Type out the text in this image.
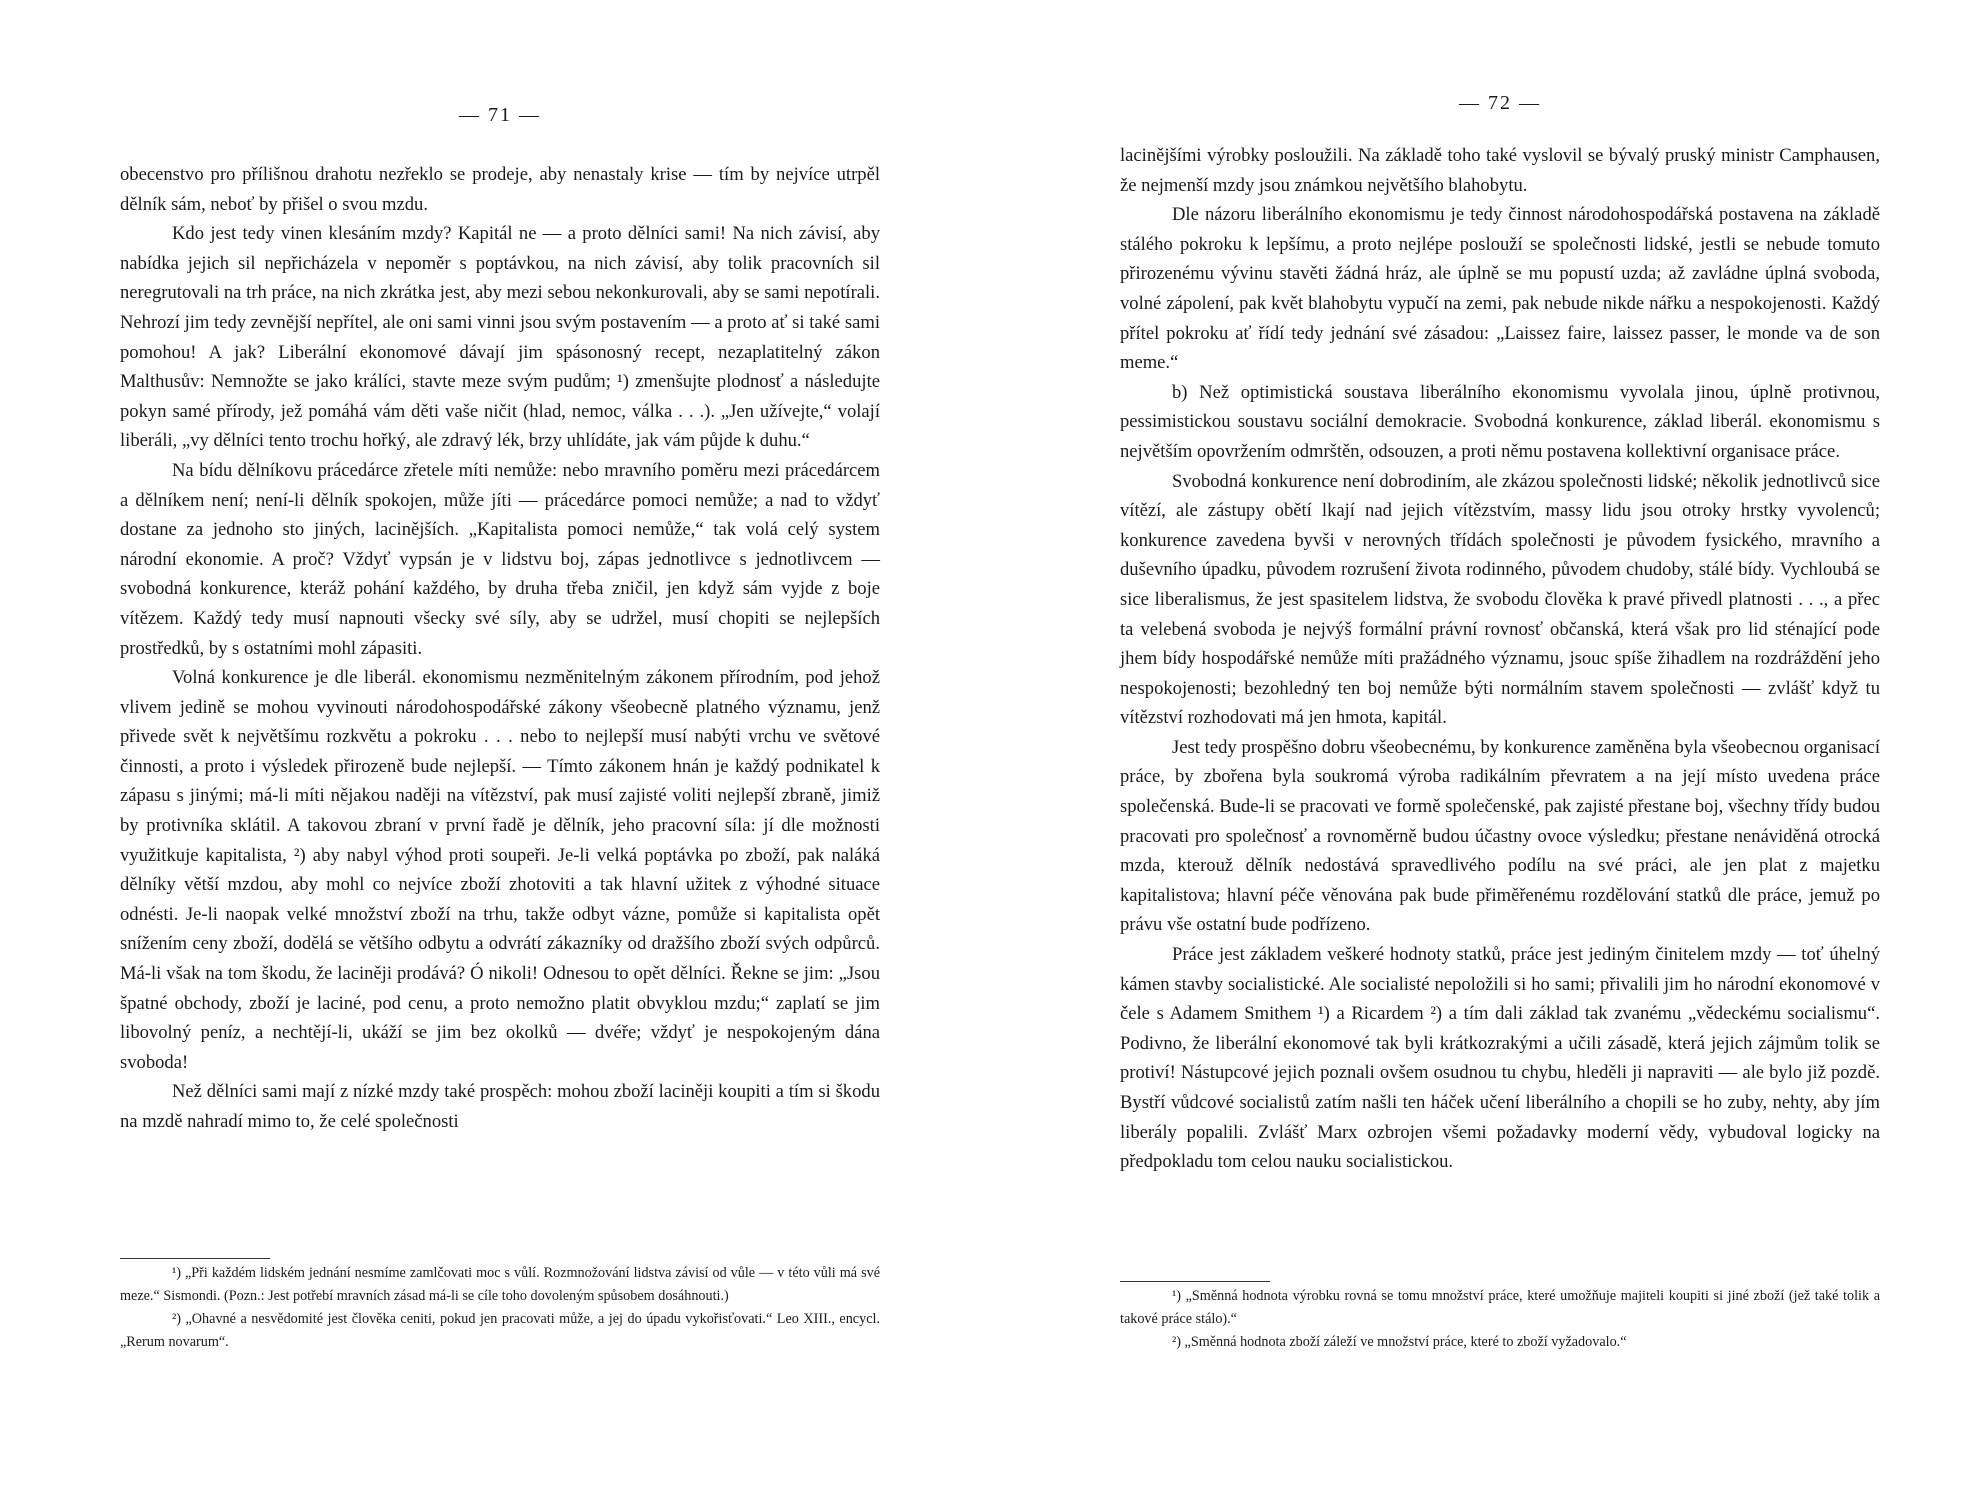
— 71 —

obecenstvo pro přílišnou drahotu nezřeklo se prodeje, aby nenastaly krise — tím by nejvíce utrpěl dělník sám, neboť by přišel o svou mzdu.

Kdo jest tedy vinen klesáním mzdy? Kapitál ne — a proto dělníci sami! Na nich závisí, aby nabídka jejich sil nepřicházela v nepoměr s poptávkou, na nich závisí, aby tolik pracovních sil neregrutovali na trh práce, na nich zkrátka jest, aby mezi sebou nekonkurovali, aby se sami nepotírali. Nehrozí jim tedy zevnější nepřítel, ale oni sami vinni jsou svým postavením — a proto ať si také sami pomohou! A jak? Liberální ekonomové dávají jim spásonosný recept, nezaplatitelný zákon Malthusův: Nemnožte se jako králíci, stavte meze svým pudům; ¹) zmenšujte plodnosť a následujte pokyn samé přírody, jež pomáhá vám děti vaše ničit (hlad, nemoc, válka . . .). „Jen užívejte,“ volají liberáli, „vy dělníci tento trochu hořký, ale zdravý lék, brzy uhlídáte, jak vám půjde k duhu.“

Na bídu dělníkovu prácedárce zřetele míti nemůže: nebo mravního poměru mezi prácedárcem a dělníkem není; není-li dělník spokojen, může jíti — prácedárce pomoci nemůže; a nad to vždyť dostane za jednoho sto jiných, lacinějších. „Kapitalista pomoci nemůže,“ tak volá celý system národní ekonomie. A proč? Vždyť vypsán je v lidstvu boj, zápas jednotlivce s jednotlivcem — svobodná konkurence, kteráž pohání každého, by druha třeba zničil, jen když sám vyjde z boje vítězem. Každý tedy musí napnouti všecky své síly, aby se udržel, musí chopiti se nejlepších prostředků, by s ostatními mohl zápasiti.

Volná konkurence je dle liberál. ekonomismu nezměnitelným zákonem přírodním, pod jehož vlivem jedině se mohou vyvinouti národohospodářské zákony všeobecně platného významu, jenž přivede svět k největšímu rozkvětu a pokroku . . . nebo to nejlepší musí nabýti vrchu ve světové činnosti, a proto i výsledek přirozeně bude nejlepší. — Tímto zákonem hnán je každý podnikatel k zápasu s jinými; má-li míti nějakou naději na vítězství, pak musí zajisté voliti nejlepší zbraně, jimiž by protivníka sklátil. A takovou zbraní v první řadě je dělník, jeho pracovní síla: jí dle možnosti využitkuje kapitalista, ²) aby nabyl výhod proti soupeři. Je-li velká poptávka po zboží, pak naláká dělníky větší mzdou, aby mohl co nejvíce zboží zhotoviti a tak hlavní užitek z výhodné situace odnésti. Je-li naopak velké množství zboží na trhu, takže odbyt vázne, pomůže si kapitalista opět snížením ceny zboží, dodělá se většího odbytu a odvrátí zákazníky od dražšího zboží svých odpůrců. Má-li však na tom škodu, že laciněji prodává? Ó nikoli! Odnesou to opět dělníci. Řekne se jim: „Jsou špatné obchody, zboží je laciné, pod cenu, a proto nemožno platit obvyklou mzdu;“ zaplatí se jim libovolný peníz, a nechtějí-li, ukáží se jim bez okolků — dvéře; vždyť je nespokojeným dána svoboda!

Než dělníci sami mají z nízké mzdy také prospěch: mohou zboží laciněji koupiti a tím si škodu na mzdě nahradí mimo to, že celé společnosti

¹) „Při každém lidském jednání nesmíme zamlčovati moc s vůlí. Rozmnožování lidstva závisí od vůle — v této vůli má své meze.“ Sismondi. (Pozn.: Jest potřebí mravních zásad má-li se cíle toho dovoleným spůsobem dosáhnouti.)

²) „Ohavné a nesvědomité jest člověka ceniti, pokud jen pracovati může, a jej do úpadu vykořisťovati.“ Leo XIII., encycl. „Rerum novarum“.

— 72 —

lacinějšími výrobky posloužili. Na základě toho také vyslovil se bývalý pruský ministr Camphausen, že nejmenší mzdy jsou známkou největšího blahobytu.

Dle názoru liberálního ekonomismu je tedy činnost národohospodářská postavena na základě stálého pokroku k lepšímu, a proto nejlépe poslouží se společnosti lidské, jestli se nebude tomuto přirozenému vývinu stavěti žádná hráz, ale úplně se mu popustí uzda; až zavládne úplná svoboda, volné zápolení, pak květ blahobytu vypučí na zemi, pak nebude nikde nářku a nespokojenosti. Každý přítel pokroku ať řídí tedy jednání své zásadou: „Laissez faire, laissez passer, le monde va de son meme.“

b) Než optimistická soustava liberálního ekonomismu vyvolala jinou, úplně protivnou, pessimistickou soustavu sociální demokracie. Svobodná konkurence, základ liberál. ekonomismu s největším opovržením odmrštěn, odsouzen, a proti němu postavena kollektivní organisace práce.

Svobodná konkurence není dobrodiním, ale zkázou společnosti lidské; několik jednotlivců sice vítězí, ale zástupy obětí lkají nad jejich vítězstvím, massy lidu jsou otroky hrstky vyvolenců; konkurence zavedena byvši v nerovných třídách společnosti je původem fysického, mravního a duševního úpadku, původem rozrušení života rodinného, původem chudoby, stálé bídy. Vychloubá se sice liberalismus, že jest spasitelem lidstva, že svobodu člověka k pravé přivedl platnosti . . ., a přec ta velebená svoboda je nejvýš formální právní rovnosť občanská, která však pro lid sténající pode jhem bídy hospodářské nemůže míti pražádného významu, jsouc spíše žihadlem na rozdráždění jeho nespokojenosti; bezohledný ten boj nemůže býti normálním stavem společnosti — zvlášť když tu vítězství rozhodovati má jen hmota, kapitál.

Jest tedy prospěšno dobru všeobecnému, by konkurence zaměněna byla všeobecnou organisací práce, by zbořena byla soukromá výroba radikálním převratem a na její místo uvedena práce společenská. Bude-li se pracovati ve formě společenské, pak zajisté přestane boj, všechny třídy budou pracovati pro společnosť a rovnoměrně budou účastny ovoce výsledku; přestane nenáviděná otrocká mzda, kterouž dělník nedostává spravedlivého podílu na své práci, ale jen plat z majetku kapitalistova; hlavní péče věnována pak bude přiměřenému rozdělování statků dle práce, jemuž po právu vše ostatní bude podřízeno.

Práce jest základem veškeré hodnoty statků, práce jest jediným činitelem mzdy — toť úhelný kámen stavby socialistické. Ale socialisté nepoložili si ho sami; přivalili jim ho národní ekonomové v čele s Adamem Smithem ¹) a Ricardem ²) a tím dali základ tak zvanému „vědeckému socialismu“. Podivno, že liberální ekonomové tak byli krátkozrakými a učili zásadě, která jejich zájmům tolik se protiví! Nástupcové jejich poznali ovšem osudnou tu chybu, hleděli ji napraviti — ale bylo již pozdě. Bystří vůdcové socialistů zatím našli ten háček učení liberálního a chopili se ho zuby, nehty, aby jím liberály popalili. Zvlášť Marx ozbrojen všemi požadavky moderní vědy, vybudoval logicky na předpokladu tom celou nauku socialistickou.

¹) „Směnná hodnota výrobku rovná se tomu množství práce, které umožňuje majiteli koupiti si jiné zboží (jež také tolik a takové práce stálo).“

²) „Směnná hodnota zboží záleží ve množství práce, které to zboží vyžadovalo.“
